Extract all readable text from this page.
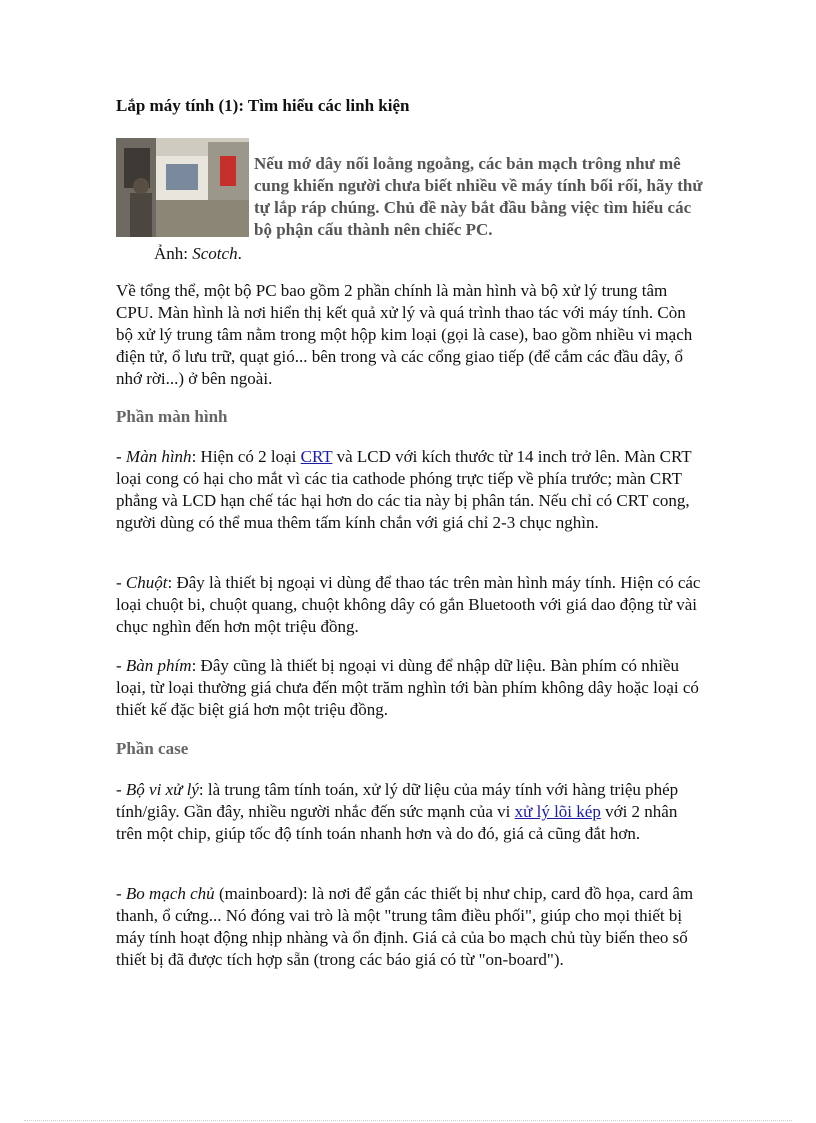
Lắp máy tính (1): Tìm hiểu các linh kiện
Ảnh: Scotch.
Nếu mớ dây nối loằng ngoằng, các bản mạch trông như mê cung khiến người chưa biết nhiều về máy tính bối rối, hãy thử tự lắp ráp chúng. Chủ đề này bắt đầu bằng việc tìm hiểu các bộ phận cấu thành nên chiếc PC.
Về tổng thể, một bộ PC bao gồm 2 phần chính là màn hình và bộ xử lý trung tâm CPU. Màn hình là nơi hiển thị kết quả xử lý và quá trình thao tác với máy tính. Còn bộ xử lý trung tâm nằm trong một hộp kim loại (gọi là case), bao gồm nhiều vi mạch điện tử, ổ lưu trữ, quạt gió... bên trong và các cổng giao tiếp (để cắm các đầu dây, ổ nhớ rời...) ở bên ngoài.
Phần màn hình
- Màn hình: Hiện có 2 loại CRT và LCD với kích thước từ 14 inch trở lên. Màn CRT loại cong có hại cho mắt vì các tia cathode phóng trực tiếp về phía trước; màn CRT phẳng và LCD hạn chế tác hại hơn do các tia này bị phân tán. Nếu chỉ có CRT cong, người dùng có thể mua thêm tấm kính chắn với giá chỉ 2-3 chục nghìn.
- Chuột: Đây là thiết bị ngoại vi dùng để thao tác trên màn hình máy tính. Hiện có các loại chuột bi, chuột quang, chuột không dây có gắn Bluetooth với giá dao động từ vài chục nghìn đến hơn một triệu đồng.
- Bàn phím: Đây cũng là thiết bị ngoại vi dùng để nhập dữ liệu. Bàn phím có nhiều loại, từ loại thường giá chưa đến một trăm nghìn tới bàn phím không dây hoặc loại có thiết kế đặc biệt giá hơn một triệu đồng.
Phần case
- Bộ vi xử lý: là trung tâm tính toán, xử lý dữ liệu của máy tính với hàng triệu phép tính/giây. Gần đây, nhiều người nhắc đến sức mạnh của vi xử lý lõi kép với 2 nhân trên một chip, giúp tốc độ tính toán nhanh hơn và do đó, giá cả cũng đắt hơn.
- Bo mạch chủ (mainboard): là nơi để gắn các thiết bị như chip, card đồ họa, card âm thanh, ổ cứng... Nó đóng vai trò là một "trung tâm điều phối", giúp cho mọi thiết bị máy tính hoạt động nhịp nhàng và ổn định. Giá cả của bo mạch chủ tùy biến theo số thiết bị đã được tích hợp sẵn (trong các báo giá có từ "on-board").
